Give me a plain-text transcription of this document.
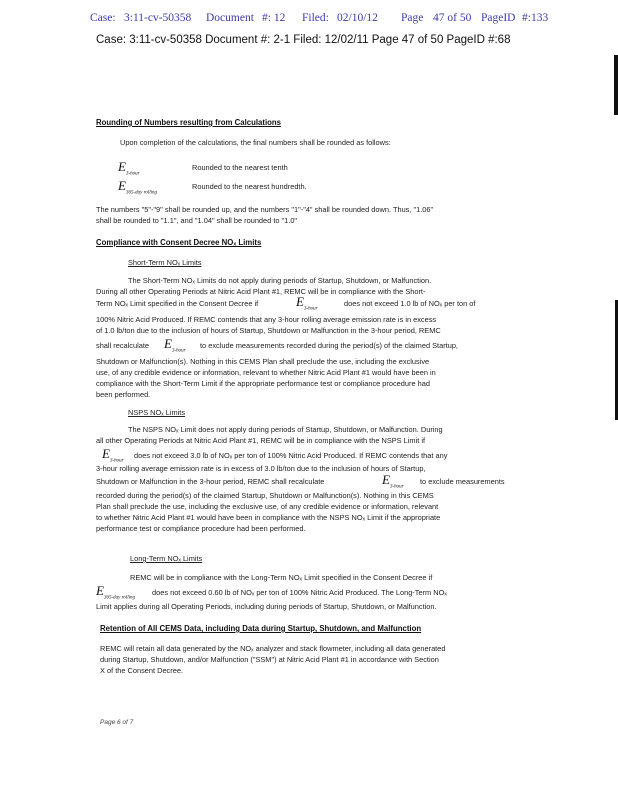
Case: 3:11-cv-50358 Document #: 12 Filed: 02/10/12 Page 47 of 50 PageID #:133
Case: 3:11-cv-50358 Document #: 2-1 Filed: 12/02/11 Page 47 of 50 PageID #:68
Rounding of Numbers resulting from Calculations
Upon completion of the calculations, the final numbers shall be rounded as follows:
$E_{3-hour}$
Rounded to the nearest tenth
$E_{365-day rolling}$
Rounded to the nearest hundredth.
The numbers "5"-"9" shall be rounded up, and the numbers "1"-"4" shall be rounded down. Thus, "1.06"
shall be rounded to "1.1", and "1.04" shall be rounded to "1.0"
Compliance with Consent Decree NOₓ Limits
Short-Term NOₓ Limits
The Short-Term NOₓ Limits do not apply during periods of Startup, Shutdown, or Malfunction.
During all other Operating Periods at Nitric Acid Plant #1, REMC will be in compliance with the Short-
Term NOₓ Limit specified in the Consent Decree if	$E_{3-hour}$
does not exceed 1.0 lb of NOₓ per ton of
100% Nitric Acid Produced. If REMC contends that any 3-hour rolling average emission rate is in excess
of 1.0 lb/ton due to the inclusion of hours of Startup, Shutdown or Malfunction in the 3-hour period, REMC
shall recalculate $E_{3-hour}$
to exclude measurements recorded during the period(s) of the claimed Startup,
Shutdown or Malfunction(s). Nothing in this CEMS Plan shall preclude the use, including the exclusive
use, of any credible evidence or information, relevant to whether Nitric Acid Plant #1 would have been in
compliance with the Short-Term Limit if the appropriate performance test or compliance procedure had
been performed.
NSPS NOₓ Limits
The NSPS NOₓ Limit does not apply during periods of Startup, Shutdown, or Malfunction. During
all other Operating Periods at Nitric Acid Plant #1, REMC will be in compliance with the NSPS Limit if
$E_{3-hour}$
does not exceed 3.0 lb of NOₓ per ton of 100% Nitric Acid Produced. If REMC contends that any
3-hour rolling average emission rate is in excess of 3.0 lb/ton due to the inclusion of hours of Startup,
Shutdown or Malfunction in the 3-hour period, REMC shall recalculate	$E_{3-hour}$
to exclude measurements
recorded during the period(s) of the claimed Startup, Shutdown or Malfunction(s). Nothing in this CEMS
Plan shall preclude the use, including the exclusive use, of any credible evidence or information, relevant
to whether Nitric Acid Plant #1 would have been in compliance with the NSPS NOₓ Limit if the appropriate
performance test or compliance procedure had been performed.
Long-Term NOₓ Limits
REMC will be in compliance with the Long-Term NOₓ Limit specified in the Consent Decree if
$E_{365-day rolling}$
does not exceed 0.60 lb of NOₓ per ton of 100% Nitric Acid Produced. The Long-Term NOₓ
Limit applies during all Operating Periods, including during periods of Startup, Shutdown, or Malfunction.
Retention of All CEMS Data, including Data during Startup, Shutdown, and Malfunction
REMC will retain all data generated by the NOₓ analyzer and stack flowmeter, including all data generated
during Startup, Shutdown, and/or Malfunction ("SSM") at Nitric Acid Plant #1 in accordance with Section
X of the Consent Decree.
Page 6 of 7
